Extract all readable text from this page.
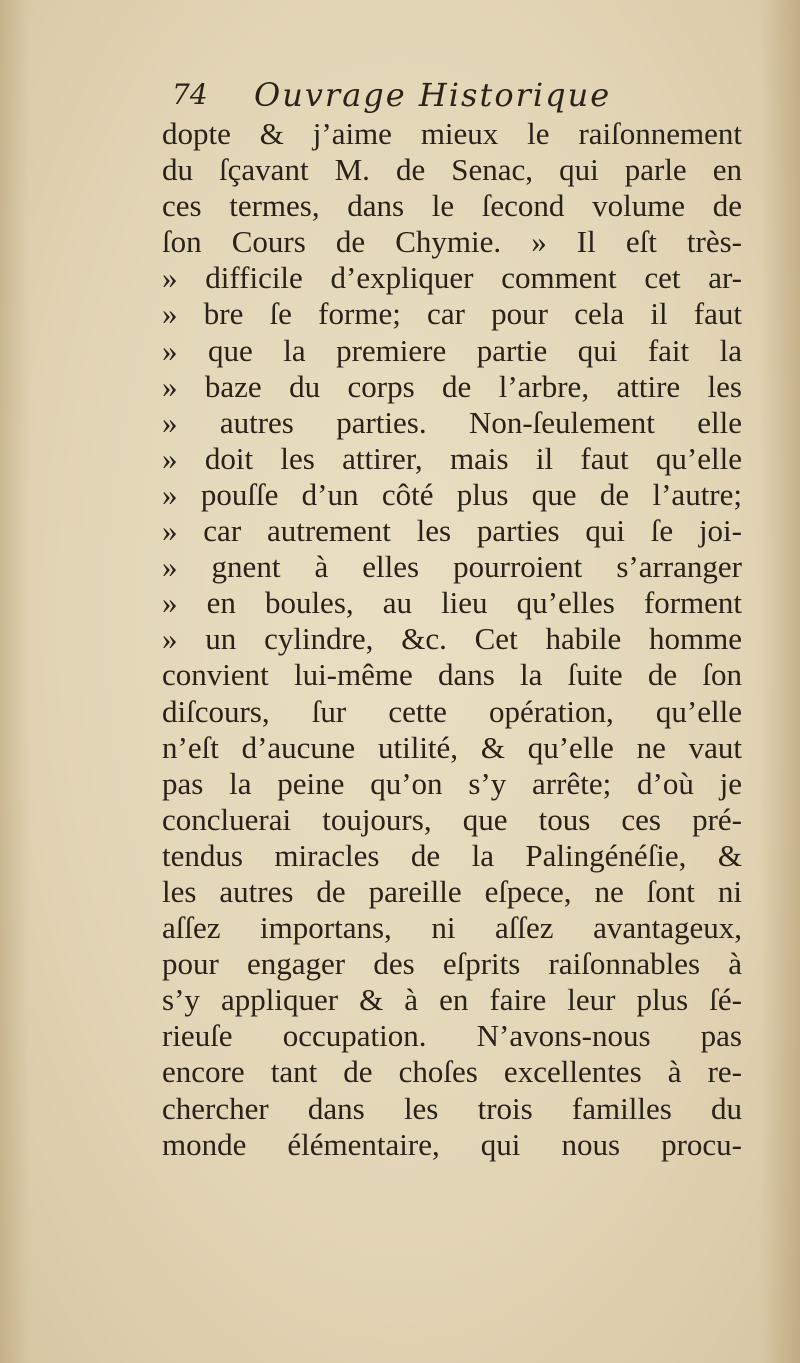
74 Ouvrage Historique
dopte & j’aime mieux le raiſonnement
du ſçavant M. de Senac, qui parle en
ces termes, dans le ſecond volume de
ſon Cours de Chymie. » Il eſt très-
» difficile d’expliquer comment cet ar-
» bre ſe forme; car pour cela il faut
» que la premiere partie qui fait la
» baze du corps de l’arbre, attire les
» autres parties. Non-ſeulement elle
» doit les attirer, mais il faut qu’elle
» pouſſe d’un côté plus que de l’autre;
» car autrement les parties qui ſe joi-
» gnent à elles pourroient s’arranger
» en boules, au lieu qu’elles forment
» un cylindre, &c. Cet habile homme
convient lui-même dans la ſuite de ſon
diſcours, ſur cette opération, qu’elle
n’eſt d’aucune utilité, & qu’elle ne vaut
pas la peine qu’on s’y arrête; d’où je
concluerai toujours, que tous ces pré-
tendus miracles de la Palingénéſie, &
les autres de pareille eſpece, ne ſont ni
aſſez importans, ni aſſez avantageux,
pour engager des eſprits raiſonnables à
s’y appliquer & à en faire leur plus ſé-
rieuſe occupation. N’avons-nous pas
encore tant de choſes excellentes à re-
chercher dans les trois familles du
monde élémentaire, qui nous procu-
